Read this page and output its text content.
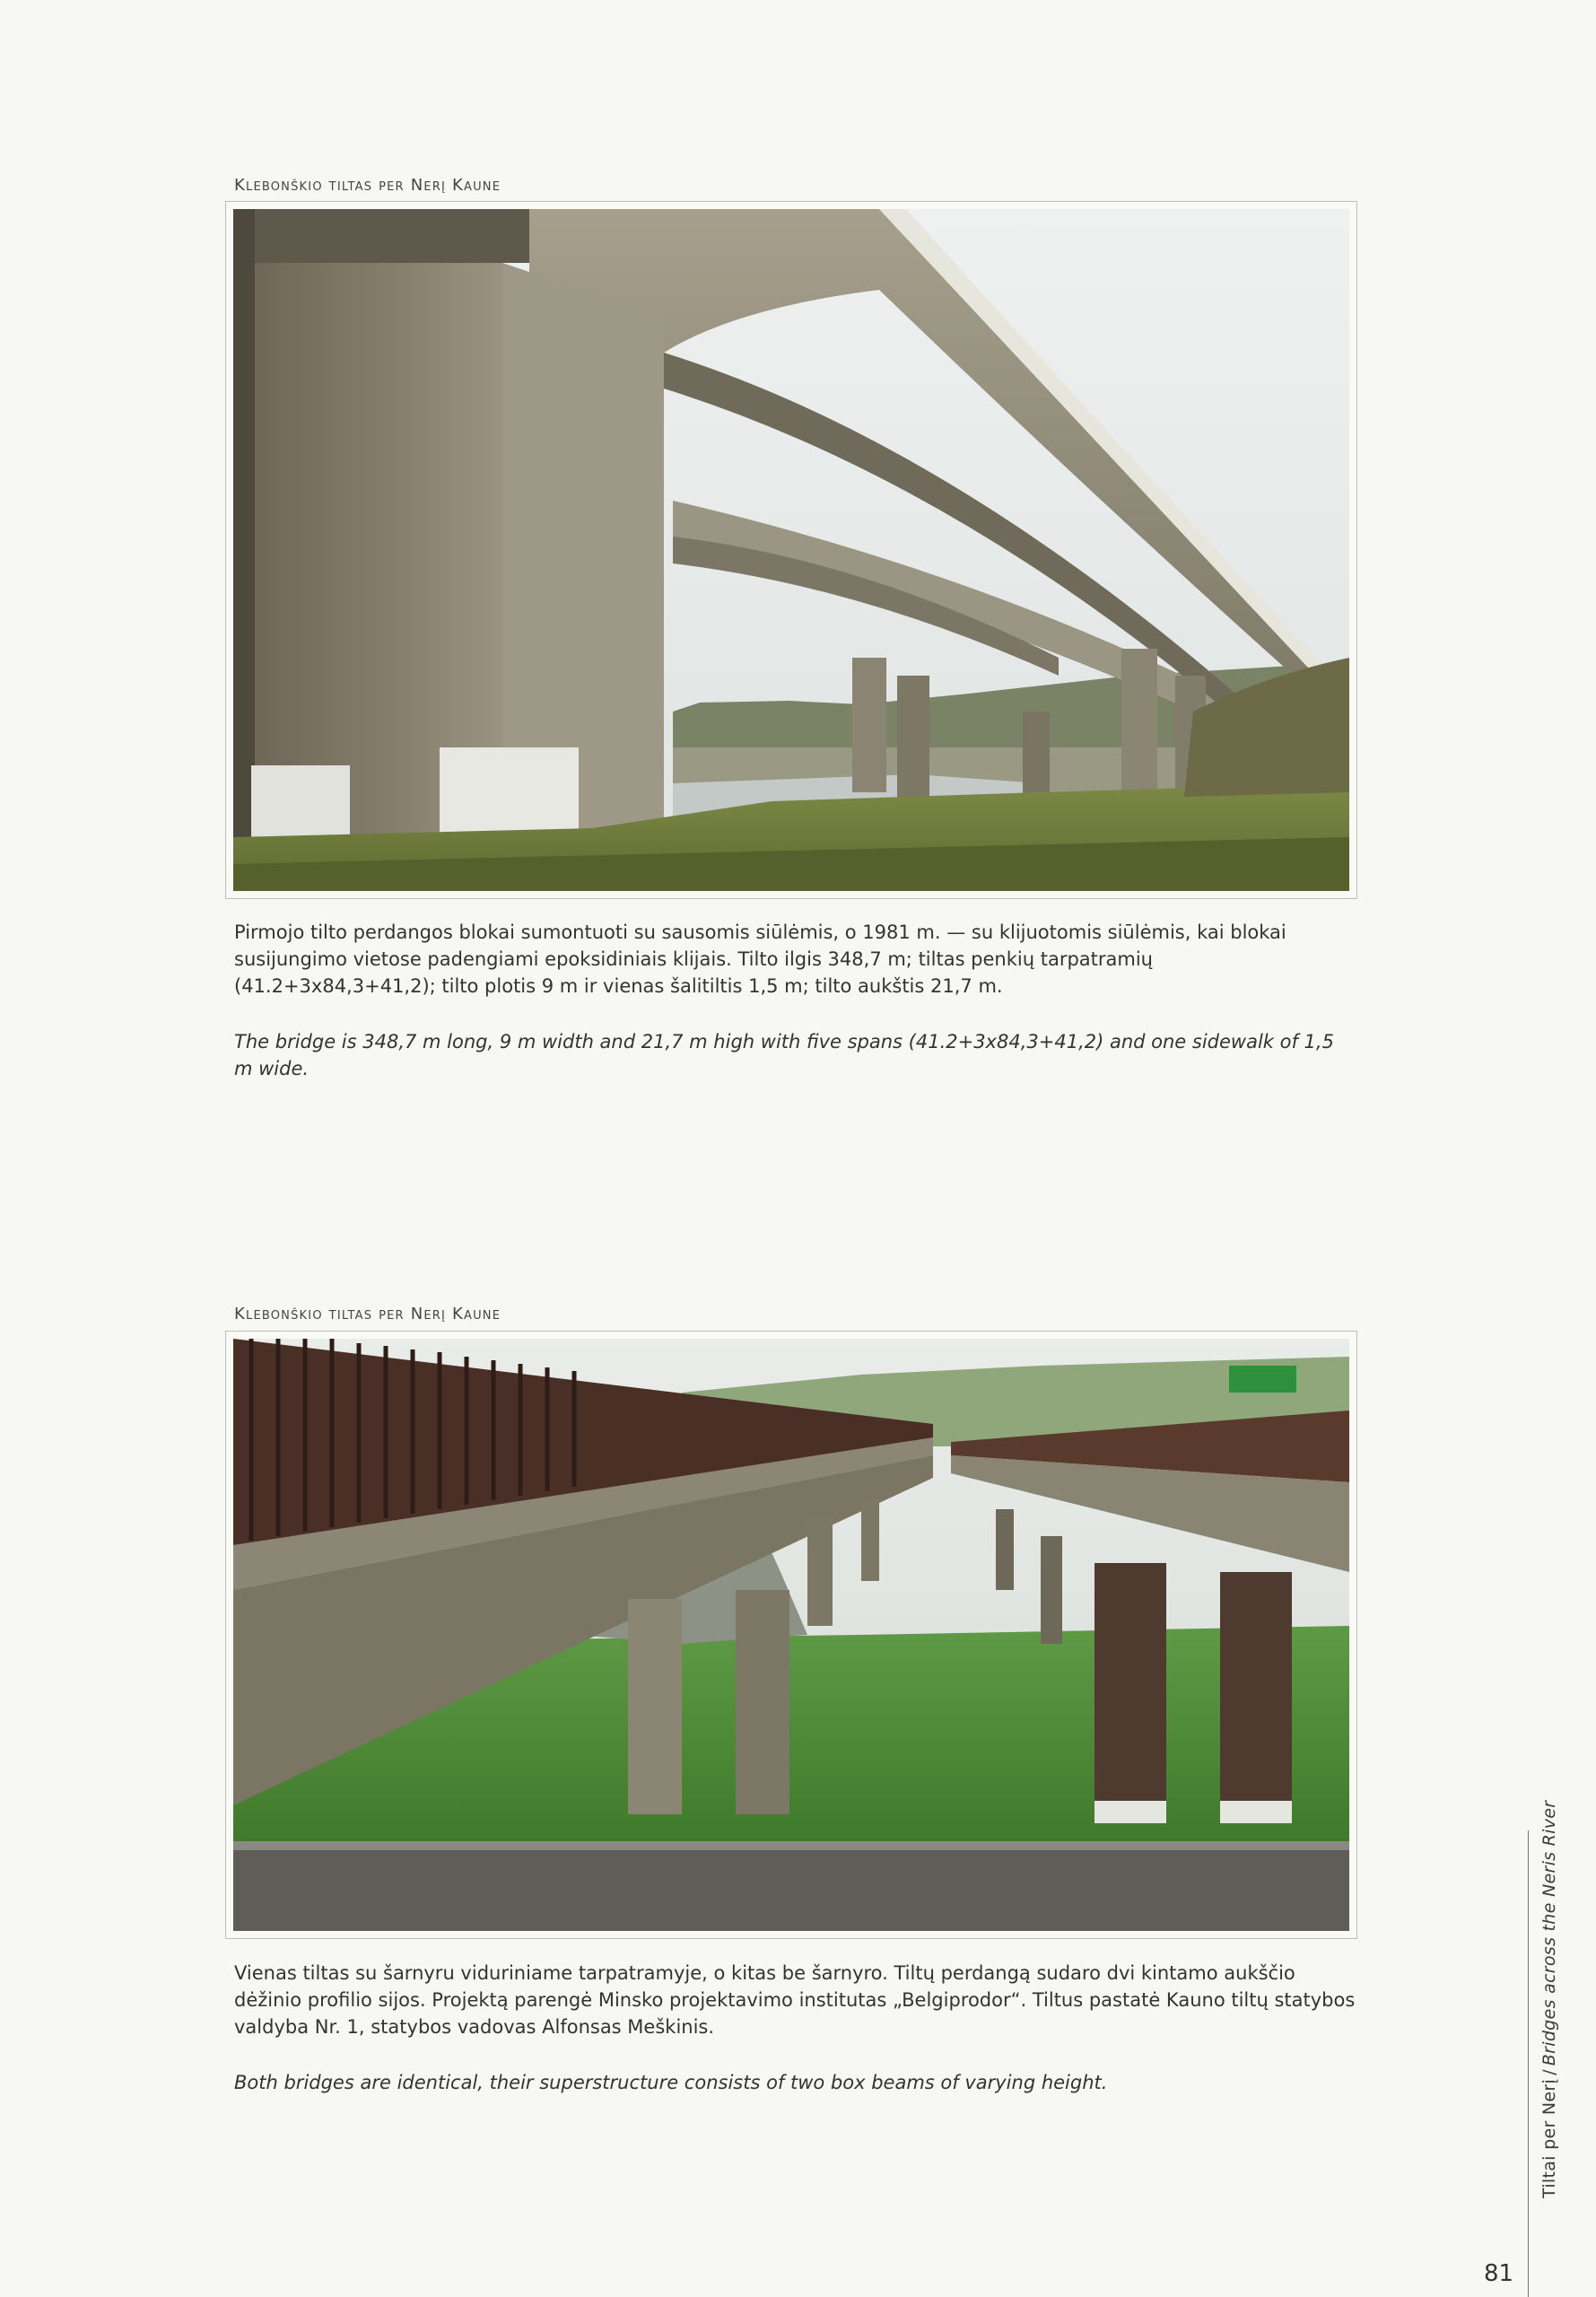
Klebonškio tiltas per Nerį Kaune

Pirmojo tilto perdangos blokai sumontuoti su sausomis siūlėmis, o 1981 m. — su klijuotomis siūlėmis, kai blokai susijungimo vietose padengiami epoksidiniais klijais. Tilto ilgis 348,7 m; tiltas penkių tarpatramių (41.2+3x84,3+41,2); tilto plotis 9 m ir vienas šalitiltis 1,5 m; tilto aukštis 21,7 m.

The bridge is 348,7 m long, 9 m width and 21,7 m high with five spans (41.2+3x84,3+41,2) and one sidewalk of 1,5 m wide.

Klebonškio tiltas per Nerį Kaune

Vienas tiltas su šarnyru viduriniame tarpatramyje, o kitas be šarnyro. Tiltų perdangą sudaro dvi kintamo aukščio dėžinio profilio sijos. Projektą parengė Minsko projektavimo institutas „Belgiprodor“. Tiltus pastatė Kauno tiltų statybos valdyba Nr. 1, statybos vadovas Alfonsas Meškinis.

Both bridges are identical, their superstructure consists of two box beams of varying height.	Tiltai per Nerį/Bridges across the Neris River

81
